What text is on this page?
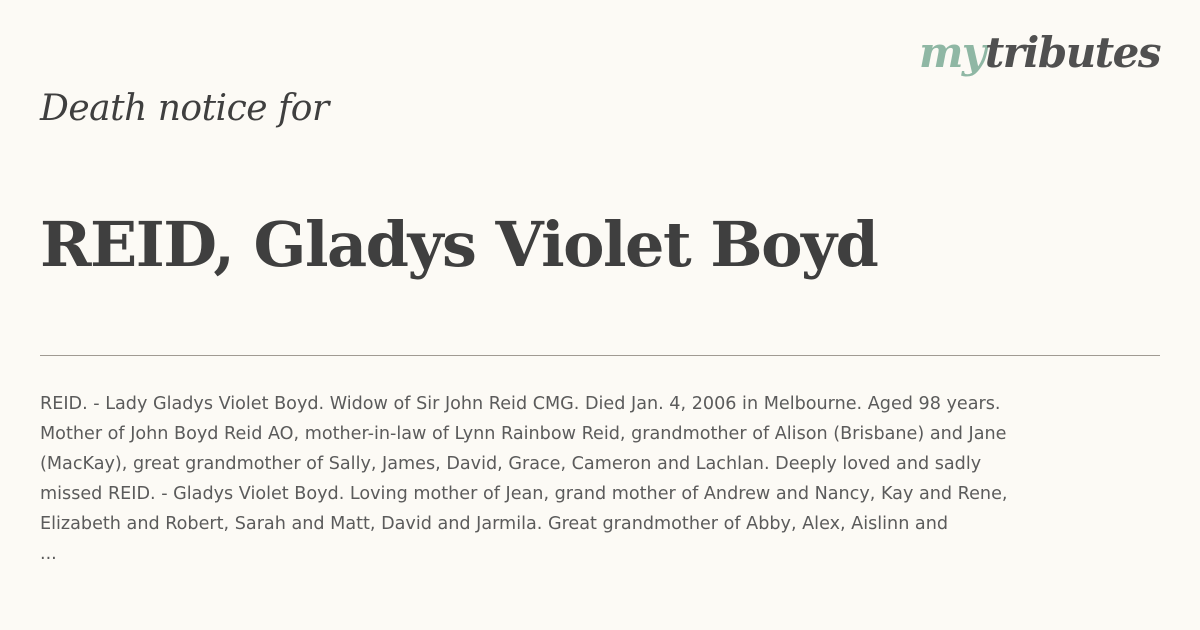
mytributes

Death notice for

REID, Gladys Violet Boyd

REID. - Lady Gladys Violet Boyd. Widow of Sir John Reid CMG. Died Jan. 4, 2006 in Melbourne. Aged 98 years.
Mother of John Boyd Reid AO, mother-in-law of Lynn Rainbow Reid, grandmother of Alison (Brisbane) and Jane
(MacKay), great grandmother of Sally, James, David, Grace, Cameron and Lachlan. Deeply loved and sadly
missed REID. - Gladys Violet Boyd. Loving mother of Jean, grand mother of Andrew and Nancy, Kay and Rene,
Elizabeth and Robert, Sarah and Matt, David and Jarmila. Great grandmother of Abby, Alex, Aislinn and
...
